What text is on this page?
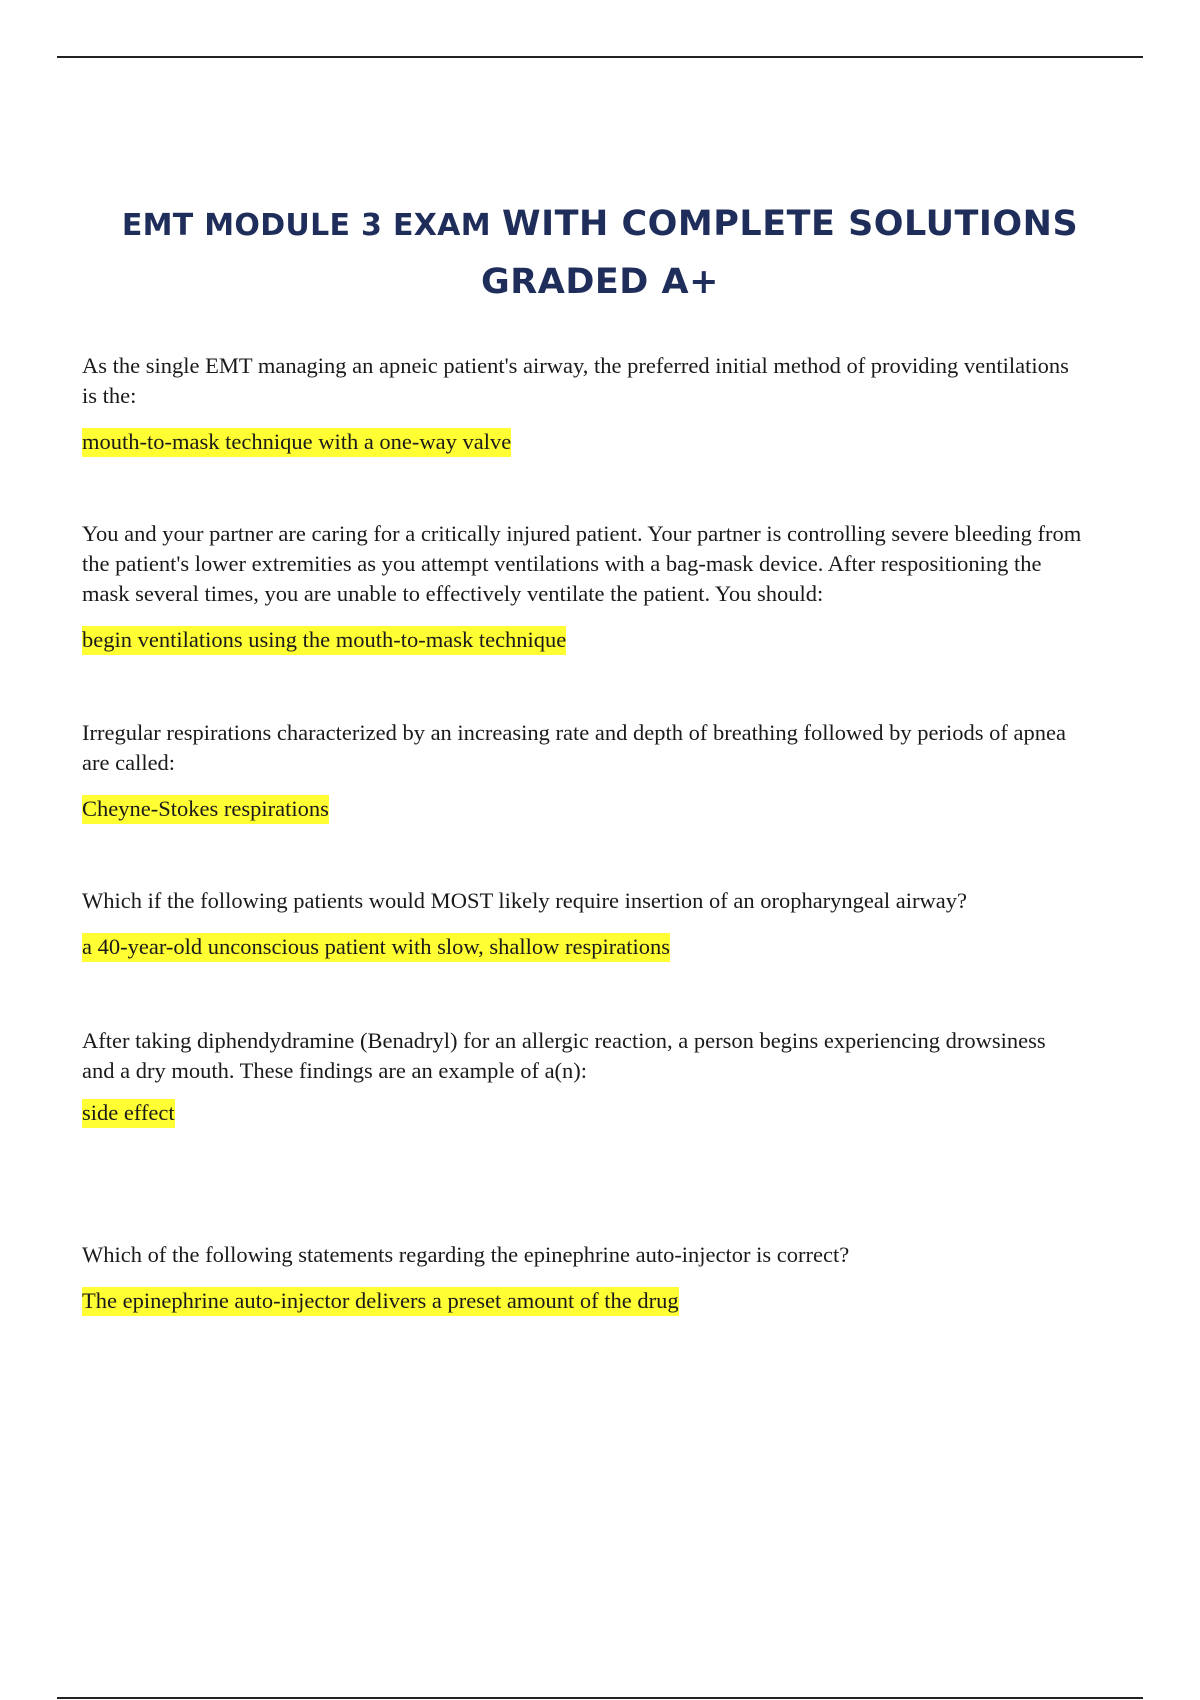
EMT MODULE 3 EXAM WITH COMPLETE SOLUTIONS GRADED A+

As the single EMT managing an apneic patient's airway, the preferred initial method of providing ventilations is the:

mouth-to-mask technique with a one-way valve

You and your partner are caring for a critically injured patient. Your partner is controlling severe bleeding from the patient's lower extremities as you attempt ventilations with a bag-mask device. After respositioning the mask several times, you are unable to effectively ventilate the patient. You should:

begin ventilations using the mouth-to-mask technique

Irregular respirations characterized by an increasing rate and depth of breathing followed by periods of apnea are called:

Cheyne-Stokes respirations

Which if the following patients would MOST likely require insertion of an oropharyngeal airway?

a 40-year-old unconscious patient with slow, shallow respirations

After taking diphendydramine (Benadryl) for an allergic reaction, a person begins experiencing drowsiness and a dry mouth. These findings are an example of a(n):

side effect

Which of the following statements regarding the epinephrine auto-injector is correct?

The epinephrine auto-injector delivers a preset amount of the drug
